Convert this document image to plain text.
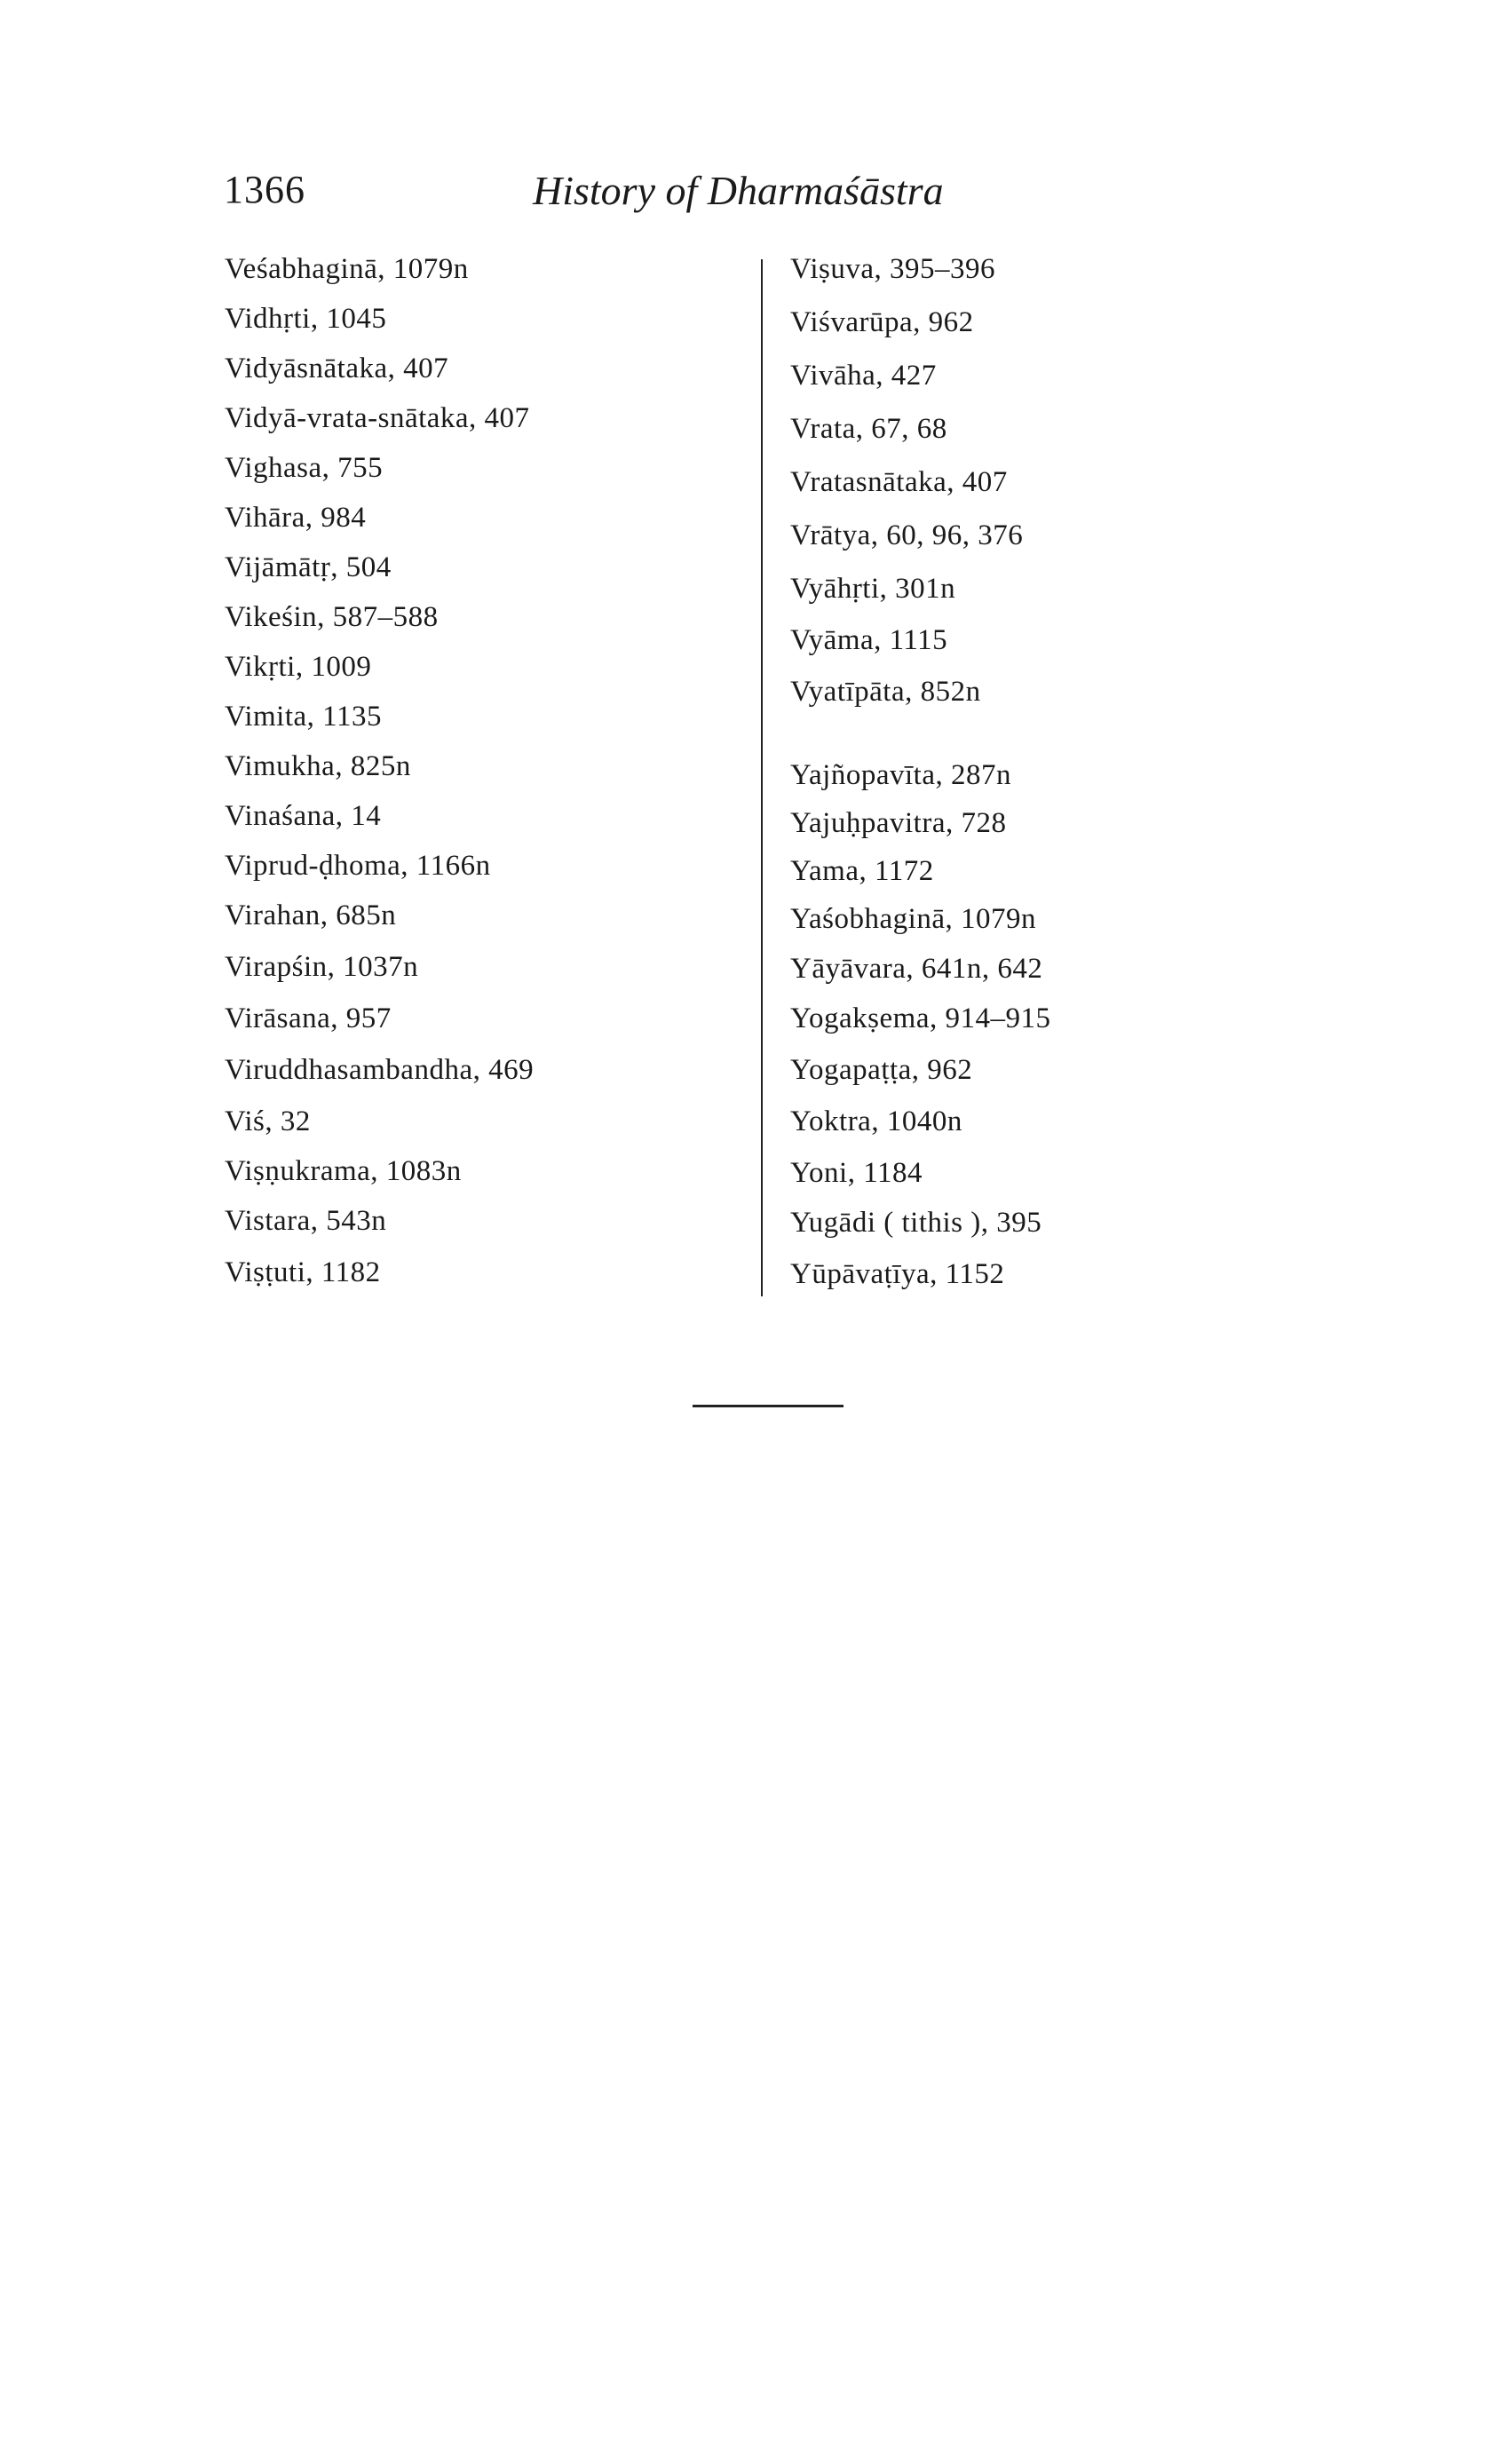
1366	History of Dharmaśāstra
Veśabhaginā, 1079n
Vidhṛti, 1045
Vidyāsnātaka, 407
Vidyā-vrata-snātaka, 407
Vighasa, 755
Vihāra, 984
Vijāmātṛ, 504
Vikeśin, 587–588
Vikṛti, 1009
Vimita, 1135
Vimukha, 825n
Vinaśana, 14
Viprud-ḍhoma, 1166n
Virahan, 685n
Virapśin, 1037n
Virāsana, 957
Viruddhasambandha, 469
Viś, 32
Viṣṇukrama, 1083n
Vistara, 543n
Viṣṭuti, 1182
Viṣuva, 395–396
Viśvarūpa, 962
Vivāha, 427
Vrata, 67, 68
Vratasnātaka, 407
Vrātya, 60, 96, 376
Vyāhṛti, 301n
Vyāma, 1115
Vyatīpāta, 852n
Yajñopavīta, 287n
Yajuḥpavitra, 728
Yama, 1172
Yaśobhaginā, 1079n
Yāyāvara, 641n, 642
Yogakṣema, 914–915
Yogapaṭṭa, 962
Yoktra, 1040n
Yoni, 1184
Yugādi ( tithis ), 395
Yūpāvaṭīya, 1152
